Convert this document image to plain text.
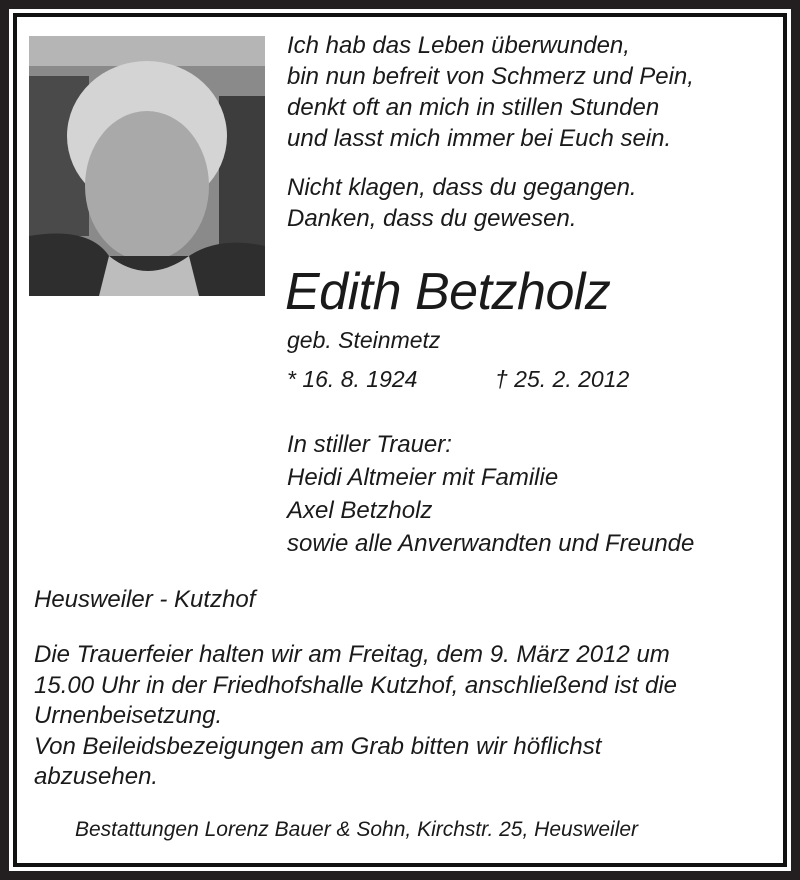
Ich hab das Leben überwunden,
bin nun befreit von Schmerz und Pein,
denkt oft an mich in stillen Stunden
und lasst mich immer bei Euch sein.
Nicht klagen, dass du gegangen.
Danken, dass du gewesen.
Edith Betzholz
geb. Steinmetz
* 16. 8. 1924	† 25. 2. 2012
In stiller Trauer:
Heidi Altmeier mit Familie
Axel Betzholz
sowie alle Anverwandten und Freunde
Heusweiler - Kutzhof
Die Trauerfeier halten wir am Freitag, dem 9. März 2012 um
15.00 Uhr in der Friedhofshalle Kutzhof, anschließend ist die
Urnenbeisetzung.
Von Beileidsbezeigungen am Grab bitten wir höflichst
abzusehen.
Bestattungen Lorenz Bauer & Sohn, Kirchstr. 25, Heusweiler
